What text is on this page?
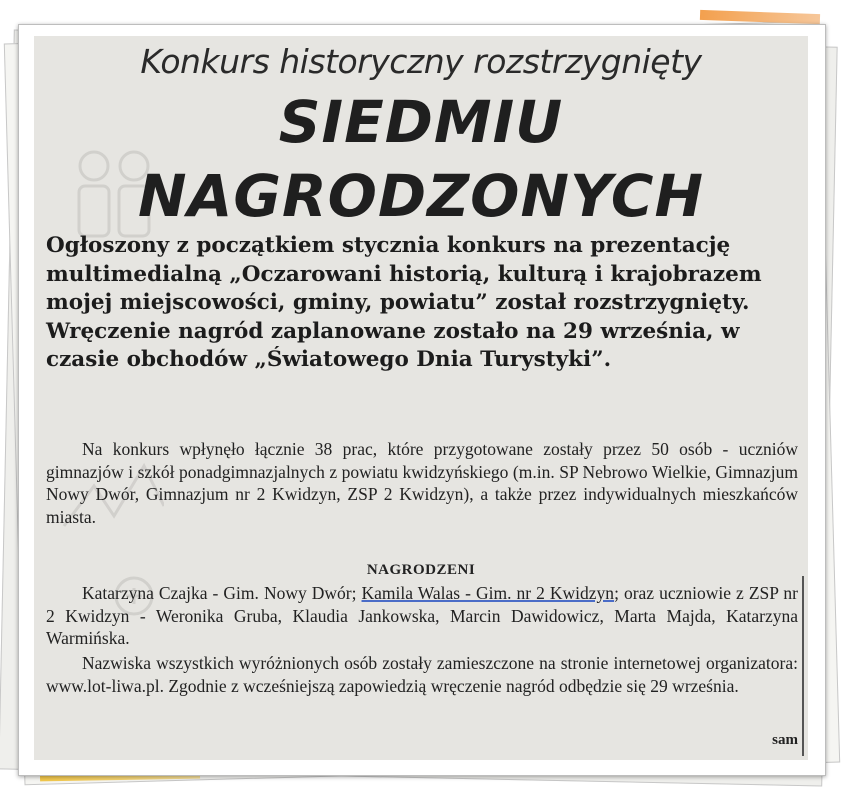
Konkurs historyczny rozstrzygnięty
SIEDMIU
NAGRODZONYCH
Ogłoszony z początkiem stycznia konkurs na prezentację multimedialną „Oczarowani historią, kulturą i krajobrazem mojej miejscowości, gminy, powiatu” został rozstrzygnięty. Wręczenie nagród zaplanowane zostało na 29 września, w czasie obchodów „Światowego Dnia Turystyki”.
Na konkurs wpłynęło łącznie 38 prac, które przygotowane zostały przez 50 osób - uczniów gimnazjów i szkół ponadgimnazjalnych z powiatu kwidzyńskiego (m.in. SP Nebrowo Wielkie, Gimnazjum Nowy Dwór, Gimnazjum nr 2 Kwidzyn, ZSP 2 Kwidzyn), a także przez indywidualnych mieszkańców miasta.
NAGRODZENI
Katarzyna Czajka - Gim. Nowy Dwór; Kamila Walas - Gim. nr 2 Kwidzyn; oraz uczniowie z ZSP nr 2 Kwidzyn - Weronika Gruba, Klaudia Jankowska, Marcin Dawidowicz, Marta Majda, Katarzyna Warmińska.
Nazwiska wszystkich wyróżnionych osób zostały zamieszczone na stronie internetowej organizatora: www.lot-liwa.pl. Zgodnie z wcześniejszą zapowiedzią wręczenie nagród odbędzie się 29 września.
sam
